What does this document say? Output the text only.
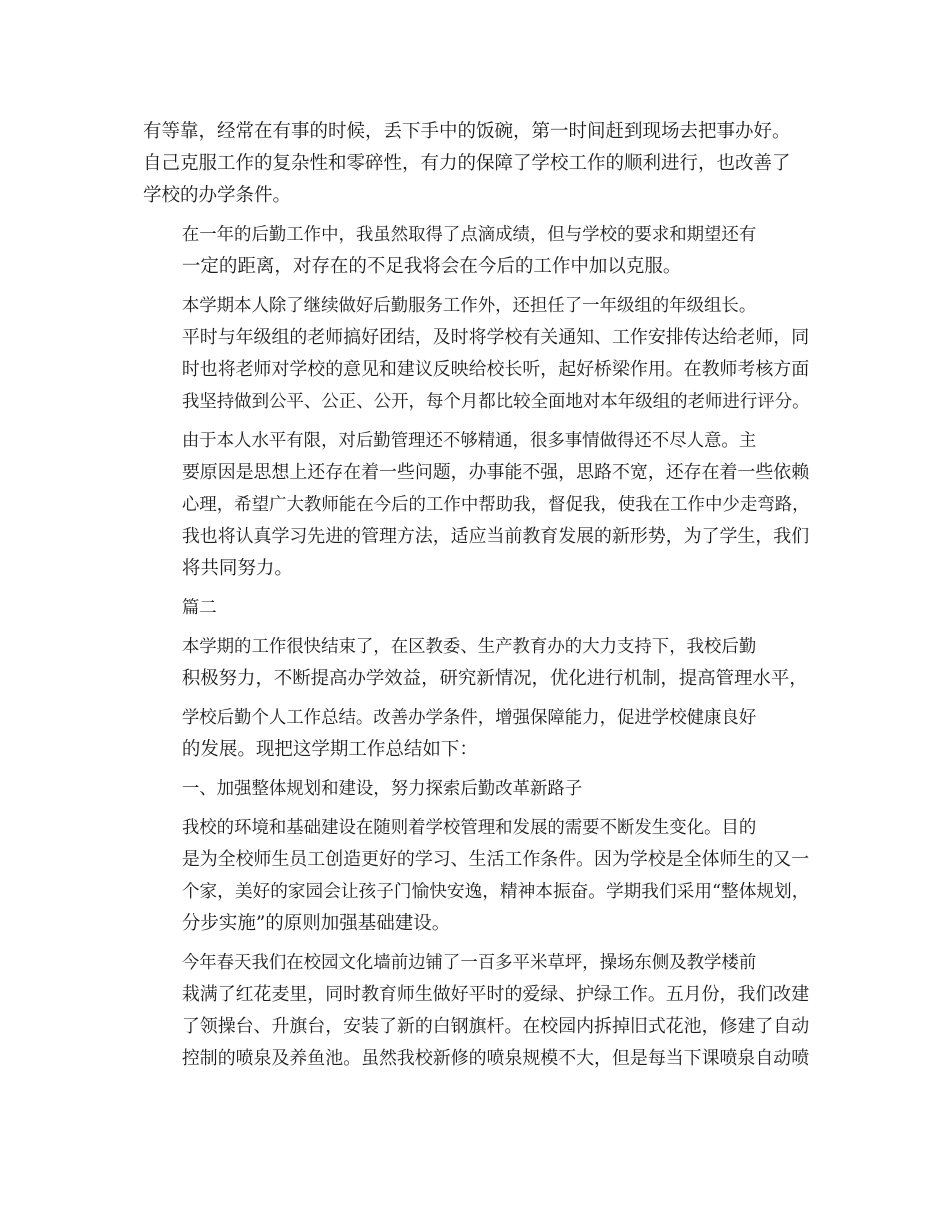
有等靠，经常在有事的时候，丢下手中的饭碗，第一时间赶到现场去把事办好。
自己克服工作的复杂性和零碎性，有力的保障了学校工作的顺利进行，也改善了
学校的办学条件。

在一年的后勤工作中，我虽然取得了点滴成绩，但与学校的要求和期望还有
一定的距离，对存在的不足我将会在今后的工作中加以克服。

本学期本人除了继续做好后勤服务工作外，还担任了一年级组的年级组长。
平时与年级组的老师搞好团结，及时将学校有关通知、工作安排传达给老师，同
时也将老师对学校的意见和建议反映给校长听，起好桥梁作用。在教师考核方面
我坚持做到公平、公正、公开，每个月都比较全面地对本年级组的老师进行评分。

由于本人水平有限，对后勤管理还不够精通，很多事情做得还不尽人意。主
要原因是思想上还存在着一些问题，办事能不强，思路不宽，还存在着一些依赖
心理，希望广大教师能在今后的工作中帮助我，督促我，使我在工作中少走弯路，
我也将认真学习先进的管理方法，适应当前教育发展的新形势，为了学生，我们
将共同努力。

篇二

本学期的工作很快结束了，在区教委、生产教育办的大力支持下，我校后勤
积极努力，不断提高办学效益，研究新情况，优化进行机制，提高管理水平，

学校后勤个人工作总结。改善办学条件，增强保障能力，促进学校健康良好
的发展。现把这学期工作总结如下：

一、加强整体规划和建设，努力探索后勤改革新路子

我校的环境和基础建设在随则着学校管理和发展的需要不断发生变化。目的
是为全校师生员工创造更好的学习、生活工作条件。因为学校是全体师生的又一
个家，美好的家园会让孩子门愉快安逸，精神本振奋。学期我们采用“整体规划，
分步实施”的原则加强基础建设。

今年春天我们在校园文化墙前边铺了一百多平米草坪，操场东侧及教学楼前
栽满了红花麦里，同时教育师生做好平时的爱绿、护绿工作。五月份，我们改建
了领操台、升旗台，安装了新的白钢旗杆。在校园内拆掉旧式花池，修建了自动
控制的喷泉及养鱼池。虽然我校新修的喷泉规模不大，但是每当下课喷泉自动喷
